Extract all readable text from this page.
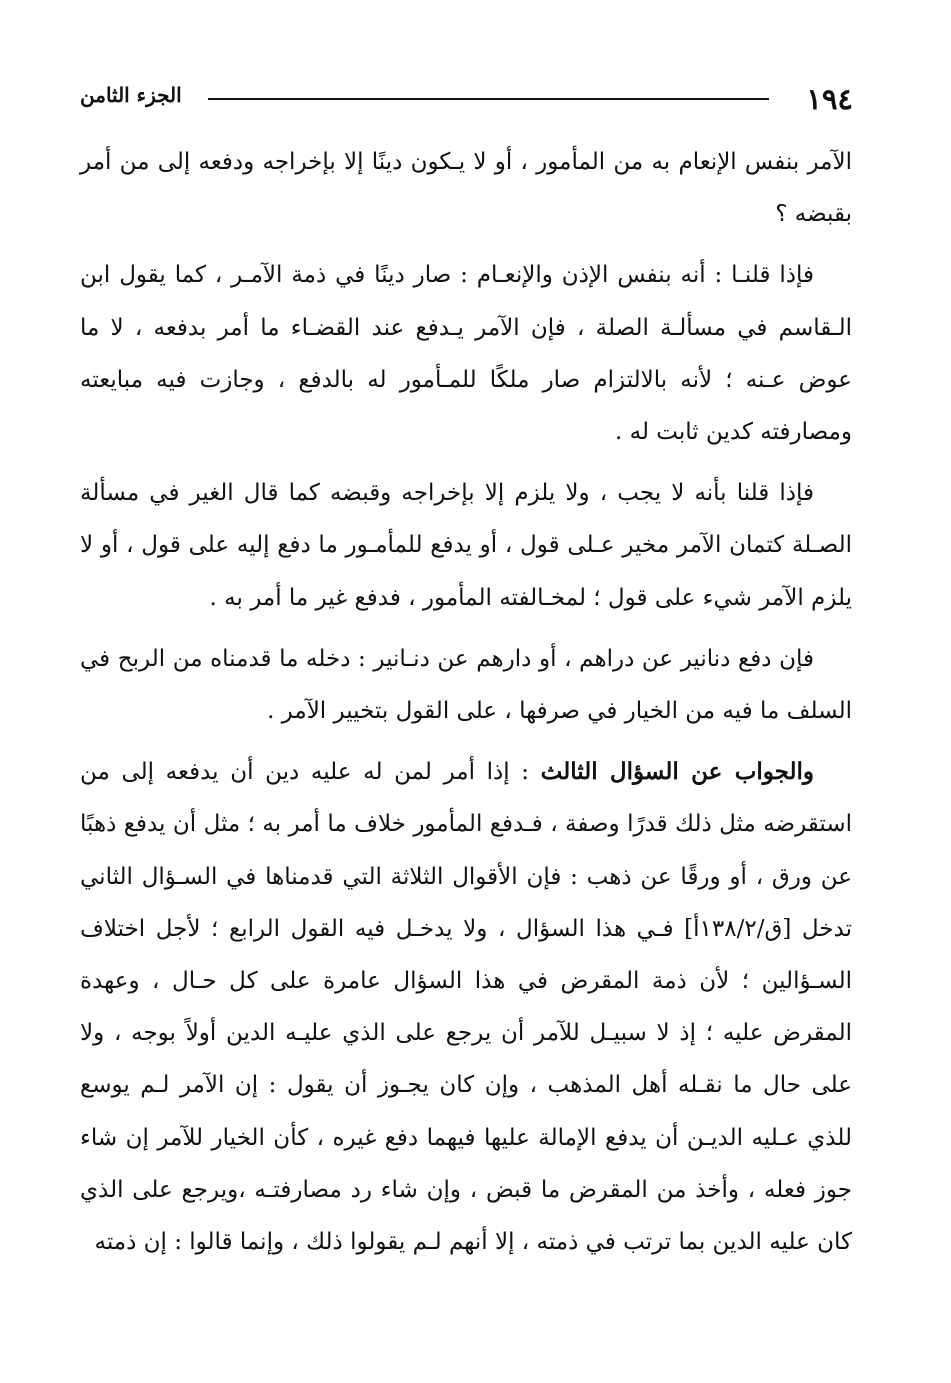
١٩٤
الجزء الثامن

الآمر بنفس الإنعام به من المأمور ، أو لا يـكون دينًا إلا بإخراجه ودفعه إلى من أمر بقبضه ؟

فإذا قلنـا : أنه بنفس الإذن والإنعـام : صار دينًا في ذمة الآمـر ، كما يقول ابن الـقاسم في مسألـة الصلة ، فإن الآمر يـدفع عند القضـاء ما أمر بدفعه ، لا ما عوض عـنه ؛ لأنه بالالتزام صار ملكًا للمـأمور له بالدفع ، وجازت فيه مبايعته ومصارفته كدين ثابت له .

فإذا قلنا بأنه لا يجب ، ولا يلزم إلا بإخراجه وقبضه كما قال الغير في مسألة الصـلة كتمان الآمر مخير عـلى قول ، أو يدفع للمأمـور ما دفع إليه على قول ، أو لا يلزم الآمر شيء على قول ؛ لمخـالفته المأمور ، فدفع غير ما أمر به .

فإن دفع دنانير عن دراهم ، أو دارهم عن دنـانير : دخله ما قدمناه من الربح في السلف ما فيه من الخيار في صرفها ، على القول بتخيير الآمر .

والجواب عن السؤال الثالث : إذا أمر لمن له عليه دين أن يدفعه إلى من استقرضه مثل ذلك قدرًا وصفة ، فـدفع المأمور خلاف ما أمر به ؛ مثل أن يدفع ذهبًا عن ورق ، أو ورقًا عن ذهب : فإن الأقوال الثلاثة التي قدمناها في السـؤال الثاني تدخل [ق/١٣٨/٢أ] فـي هذا السؤال ، ولا يدخـل فيه القول الرابع ؛ لأجل اختلاف السـؤالين ؛ لأن ذمة المقرض في هذا السؤال عامرة على كل حـال ، وعهدة المقرض عليه ؛ إذ لا سبيـل للآمر أن يرجع على الذي عليـه الدين أولاً بوجه ، ولا على حال ما نقـله أهل المذهب ، وإن كان يجـوز أن يقول : إن الآمر لـم يوسع للذي عـليه الديـن أن يدفع الإمالة عليها فيهما دفع غيره ، كأن الخيار للآمر إن شاء جوز فعله ، وأخذ من المقرض ما قبض ، وإن شاء رد مصارفتـه ،ويرجع على الذي كان عليه الدين بما ترتب في ذمته ، إلا أنهم لـم يقولوا ذلك ، وإنما قالوا : إن ذمته
